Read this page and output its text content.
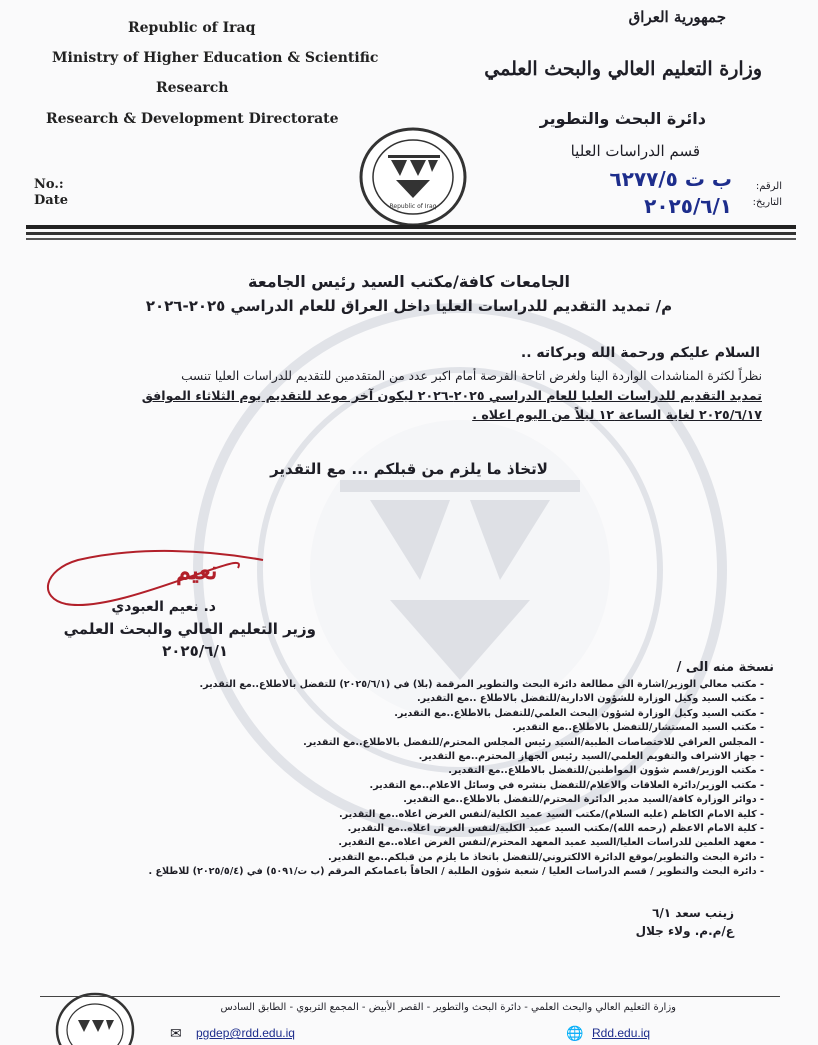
Republic of Iraq
Ministry of Higher Education & Scientific
Research
Research & Development Directorate
No.:
Date	Republic of Iraq
جمهورية العراق
وزارة التعليم العالي والبحث العلمي
دائرة البحث والتطوير
قسم الدراسات العليا
الرقم:
ب ت ٦٢٧٧/٥
التاريخ:
٢٠٢٥/٦/١
الجامعات كافة/مكتب السيد رئيس الجامعة
م/ تمديد التقديم للدراسات العليا داخل العراق للعام الدراسي ٢٠٢٥-٢٠٢٦
السلام عليكم ورحمة الله وبركاته ..
نظراً لكثرة المناشدات الواردة الينا ولغرض اتاحة الفرصة أمام اكبر عدد من المتقدمين للتقديم للدراسات العليا تنسب
تمديد التقديم للدراسات العليا للعام الدراسي ٢٠٢٥-٢٠٢٦ ليكون آخر موعد للتقديم يوم الثلاثاء الموافق
٢٠٢٥/٦/١٧ لغاية الساعة ١٢ ليلاً من اليوم اعلاه .
لاتخاذ ما يلزم من قبلكم ... مع التقدير
نعيم
د. نعيم العبودي
وزير التعليم العالي والبحث العلمي
٢٠٢٥/٦/١
نسخة منه الى /
- مكتب معالي الوزير/اشارة الى مطالعة دائرة البحث والتطوير المرقمة (بلا) في (٢٠٢٥/٦/١) للتفضل بالاطلاع..مع التقدير.
- مكتب السيد وكيل الوزارة للشؤون الادارية/للتفضل بالاطلاع ..مع التقدير.
- مكتب السيد وكيل الوزارة لشؤون البحث العلمي/للتفضل بالاطلاع..مع التقدير.
- مكتب السيد المستشار/للتفضل بالاطلاع..مع التقدير.
- المجلس العراقي للاختصاصات الطبية/السيد رئيس المجلس المحترم/للتفضل بالاطلاع..مع التقدير.
- جهاز الاشراف والتقويم العلمي/السيد رئيس الجهاز المحترم..مع التقدير.
- مكتب الوزير/قسم شؤون المواطنين/للتفضل بالاطلاع..مع التقدير.
- مكتب الوزير/دائرة العلاقات والاعلام/للتفضل بنشره في وسائل الاعلام..مع التقدير.
- دوائر الوزارة كافة/السيد مدير الدائرة المحترم/للتفضل بالاطلاع..مع التقدير.
- كلية الامام الكاظم (عليه السلام)/مكتب السيد عميد الكلية/لنفس الغرض اعلاه..مع التقدير.
- كلية الامام الاعظم (رحمه الله)/مكتب السيد عميد الكلية/لنفس الغرض اعلاه..مع التقدير.
- معهد العلمين للدراسات العليا/السيد عميد المعهد المحترم/لنفس الغرض اعلاه..مع التقدير.
- دائرة البحث والتطوير/موقع الدائرة الالكتروني/للتفضل باتخاذ ما يلزم من قبلكم..مع التقدير.
- دائرة البحث والتطوير / قسم الدراسات العليا / شعبة شؤون الطلبة / الحاقاً باعمامكم المرقم (ب ت/٥٠٩١) في (٢٠٢٥/٥/٤) للاطلاع .
زينب سعد ٦/١
ع/م.م. ولاء جلال
وزارة التعليم العالي والبحث العلمي - دائرة البحث والتطوير - القصر الأبيض - المجمع التربوي - الطابق السادس
✉ pgdep@rdd.edu.iq	🌐 Rdd.edu.iq
